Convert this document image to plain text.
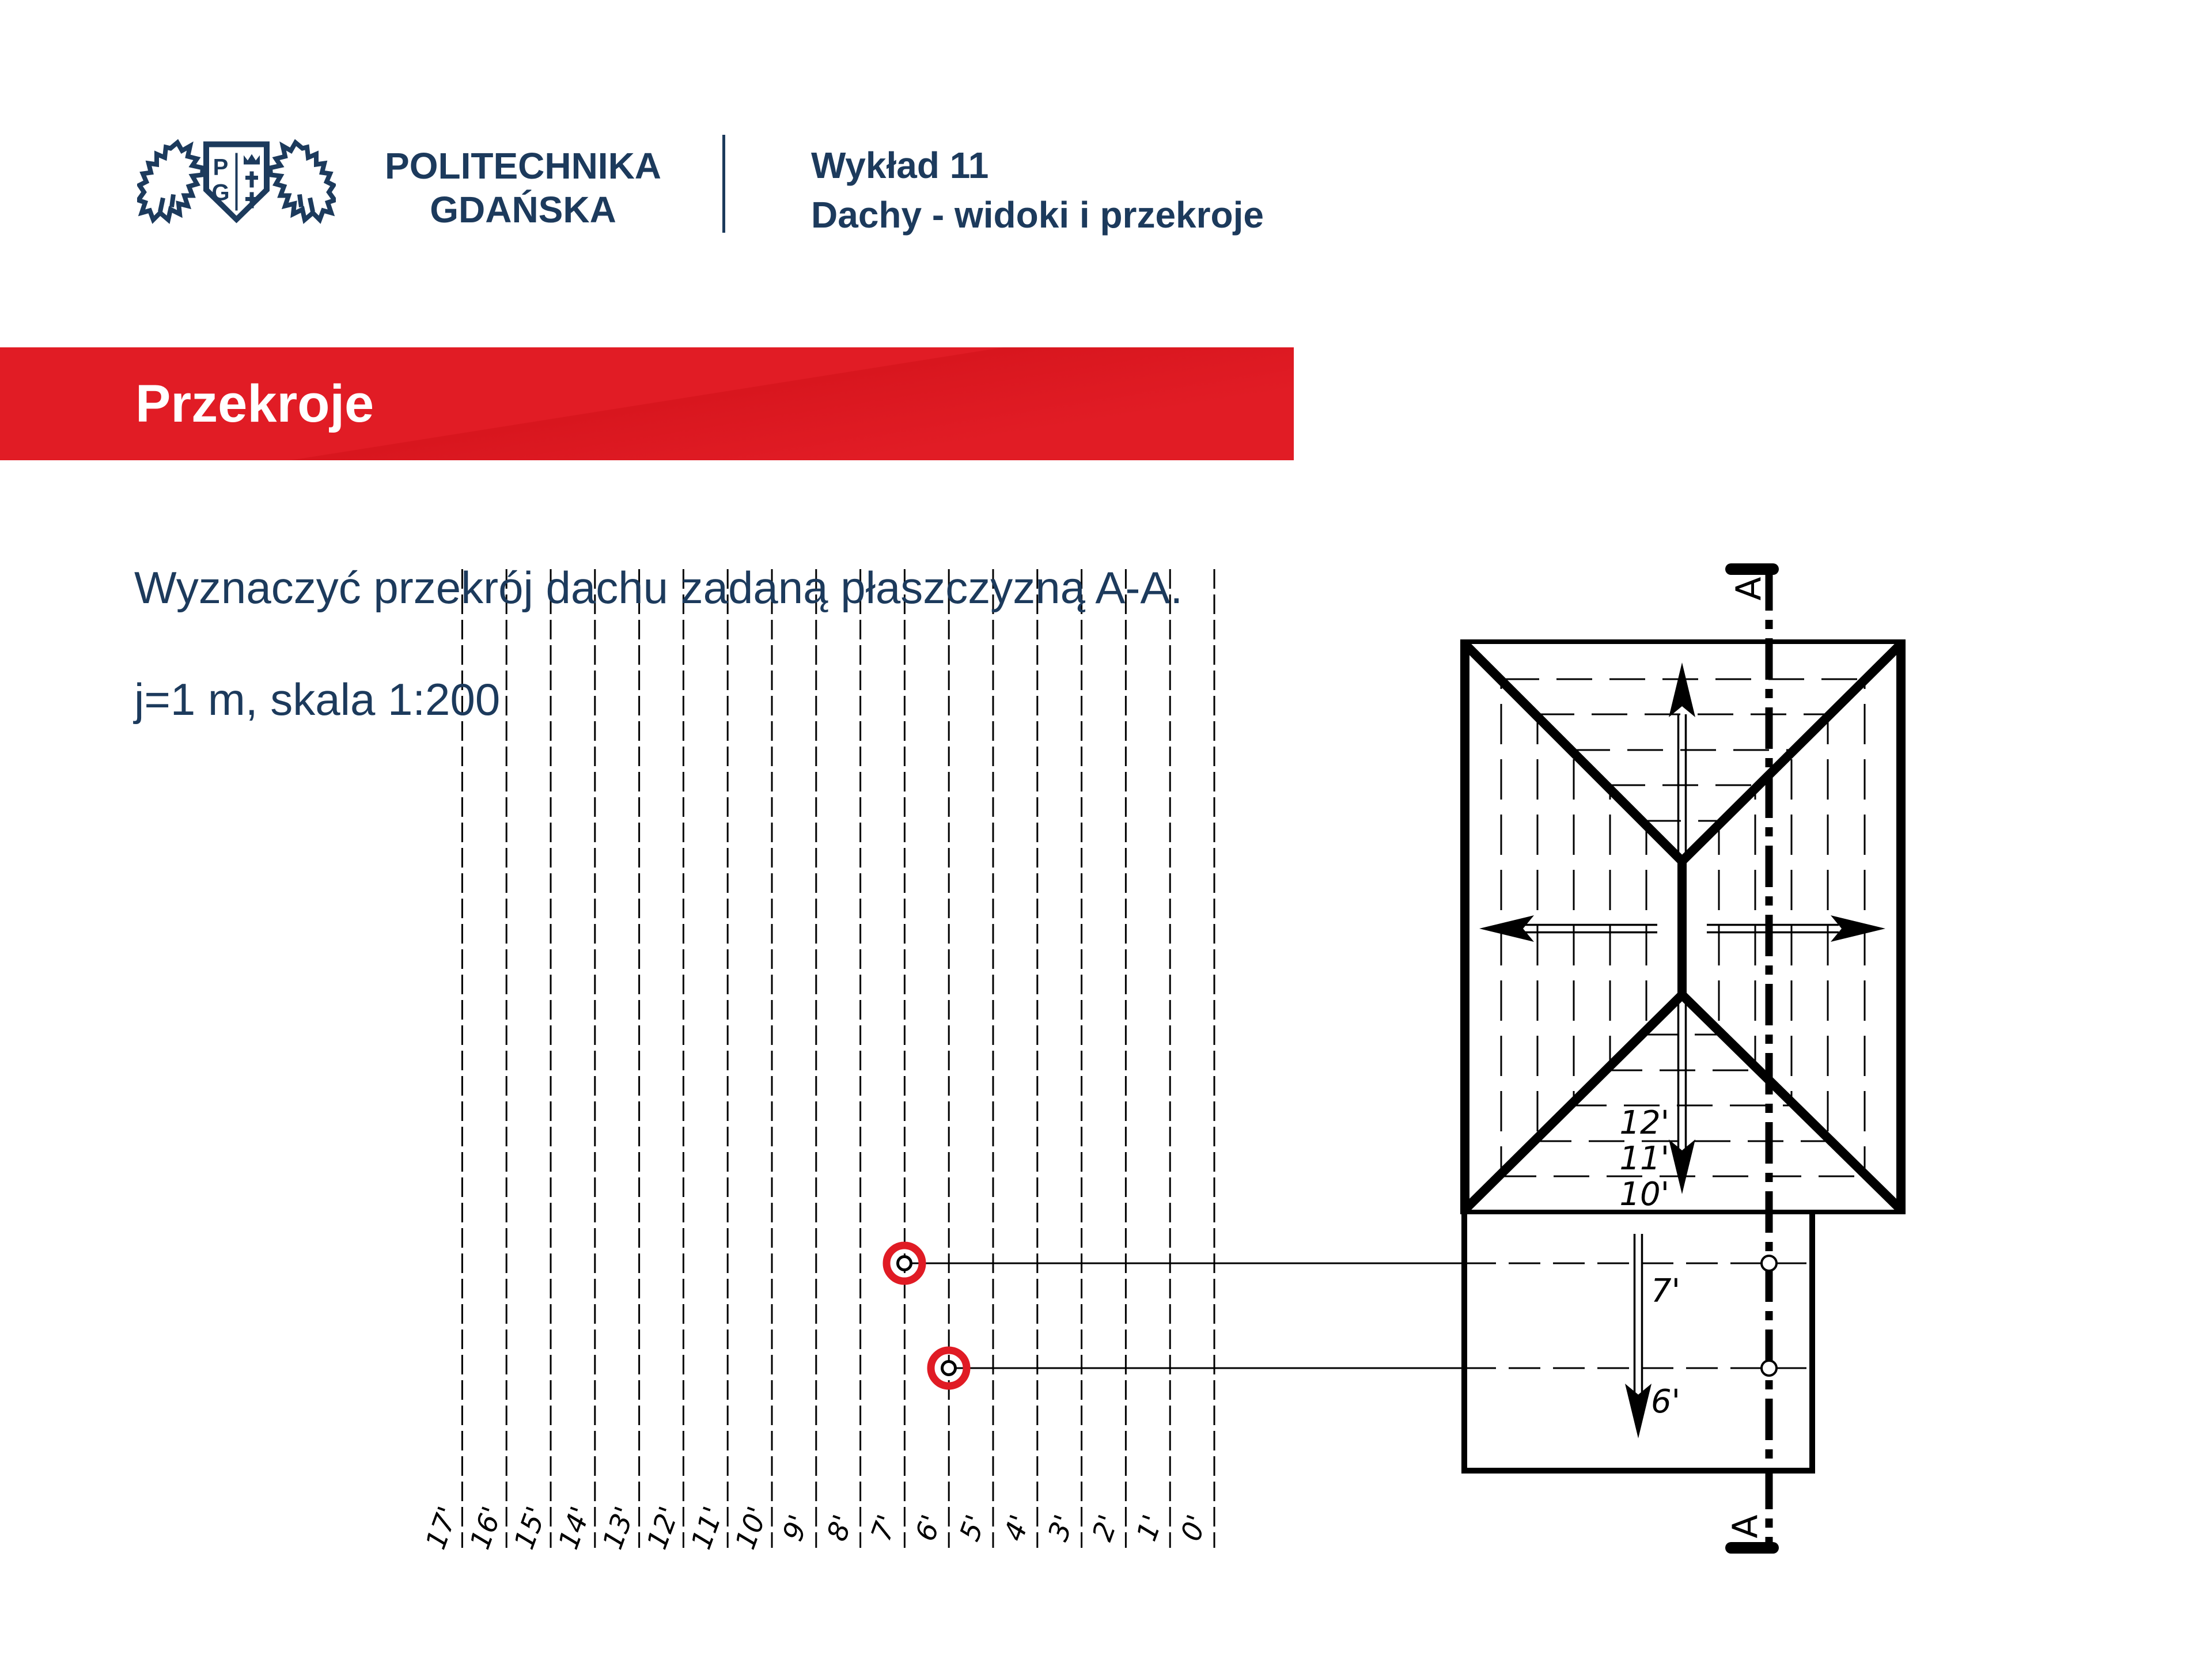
P
G
POLITECHNIKA
GDAŃSKA
Wykład 11
Dachy - widoki i przekroje
Przekroje
Wyznaczyć przekrój dachu zadaną płaszczyzną A-A.

j=1 m, skala 1:200
17'
16'
15'
14'
13'
12'
11'
10' 9' 8' 7' 6' 5' 4' 3' 2' 1' 0'
12'
11'
10'
7'
6'
A
A
